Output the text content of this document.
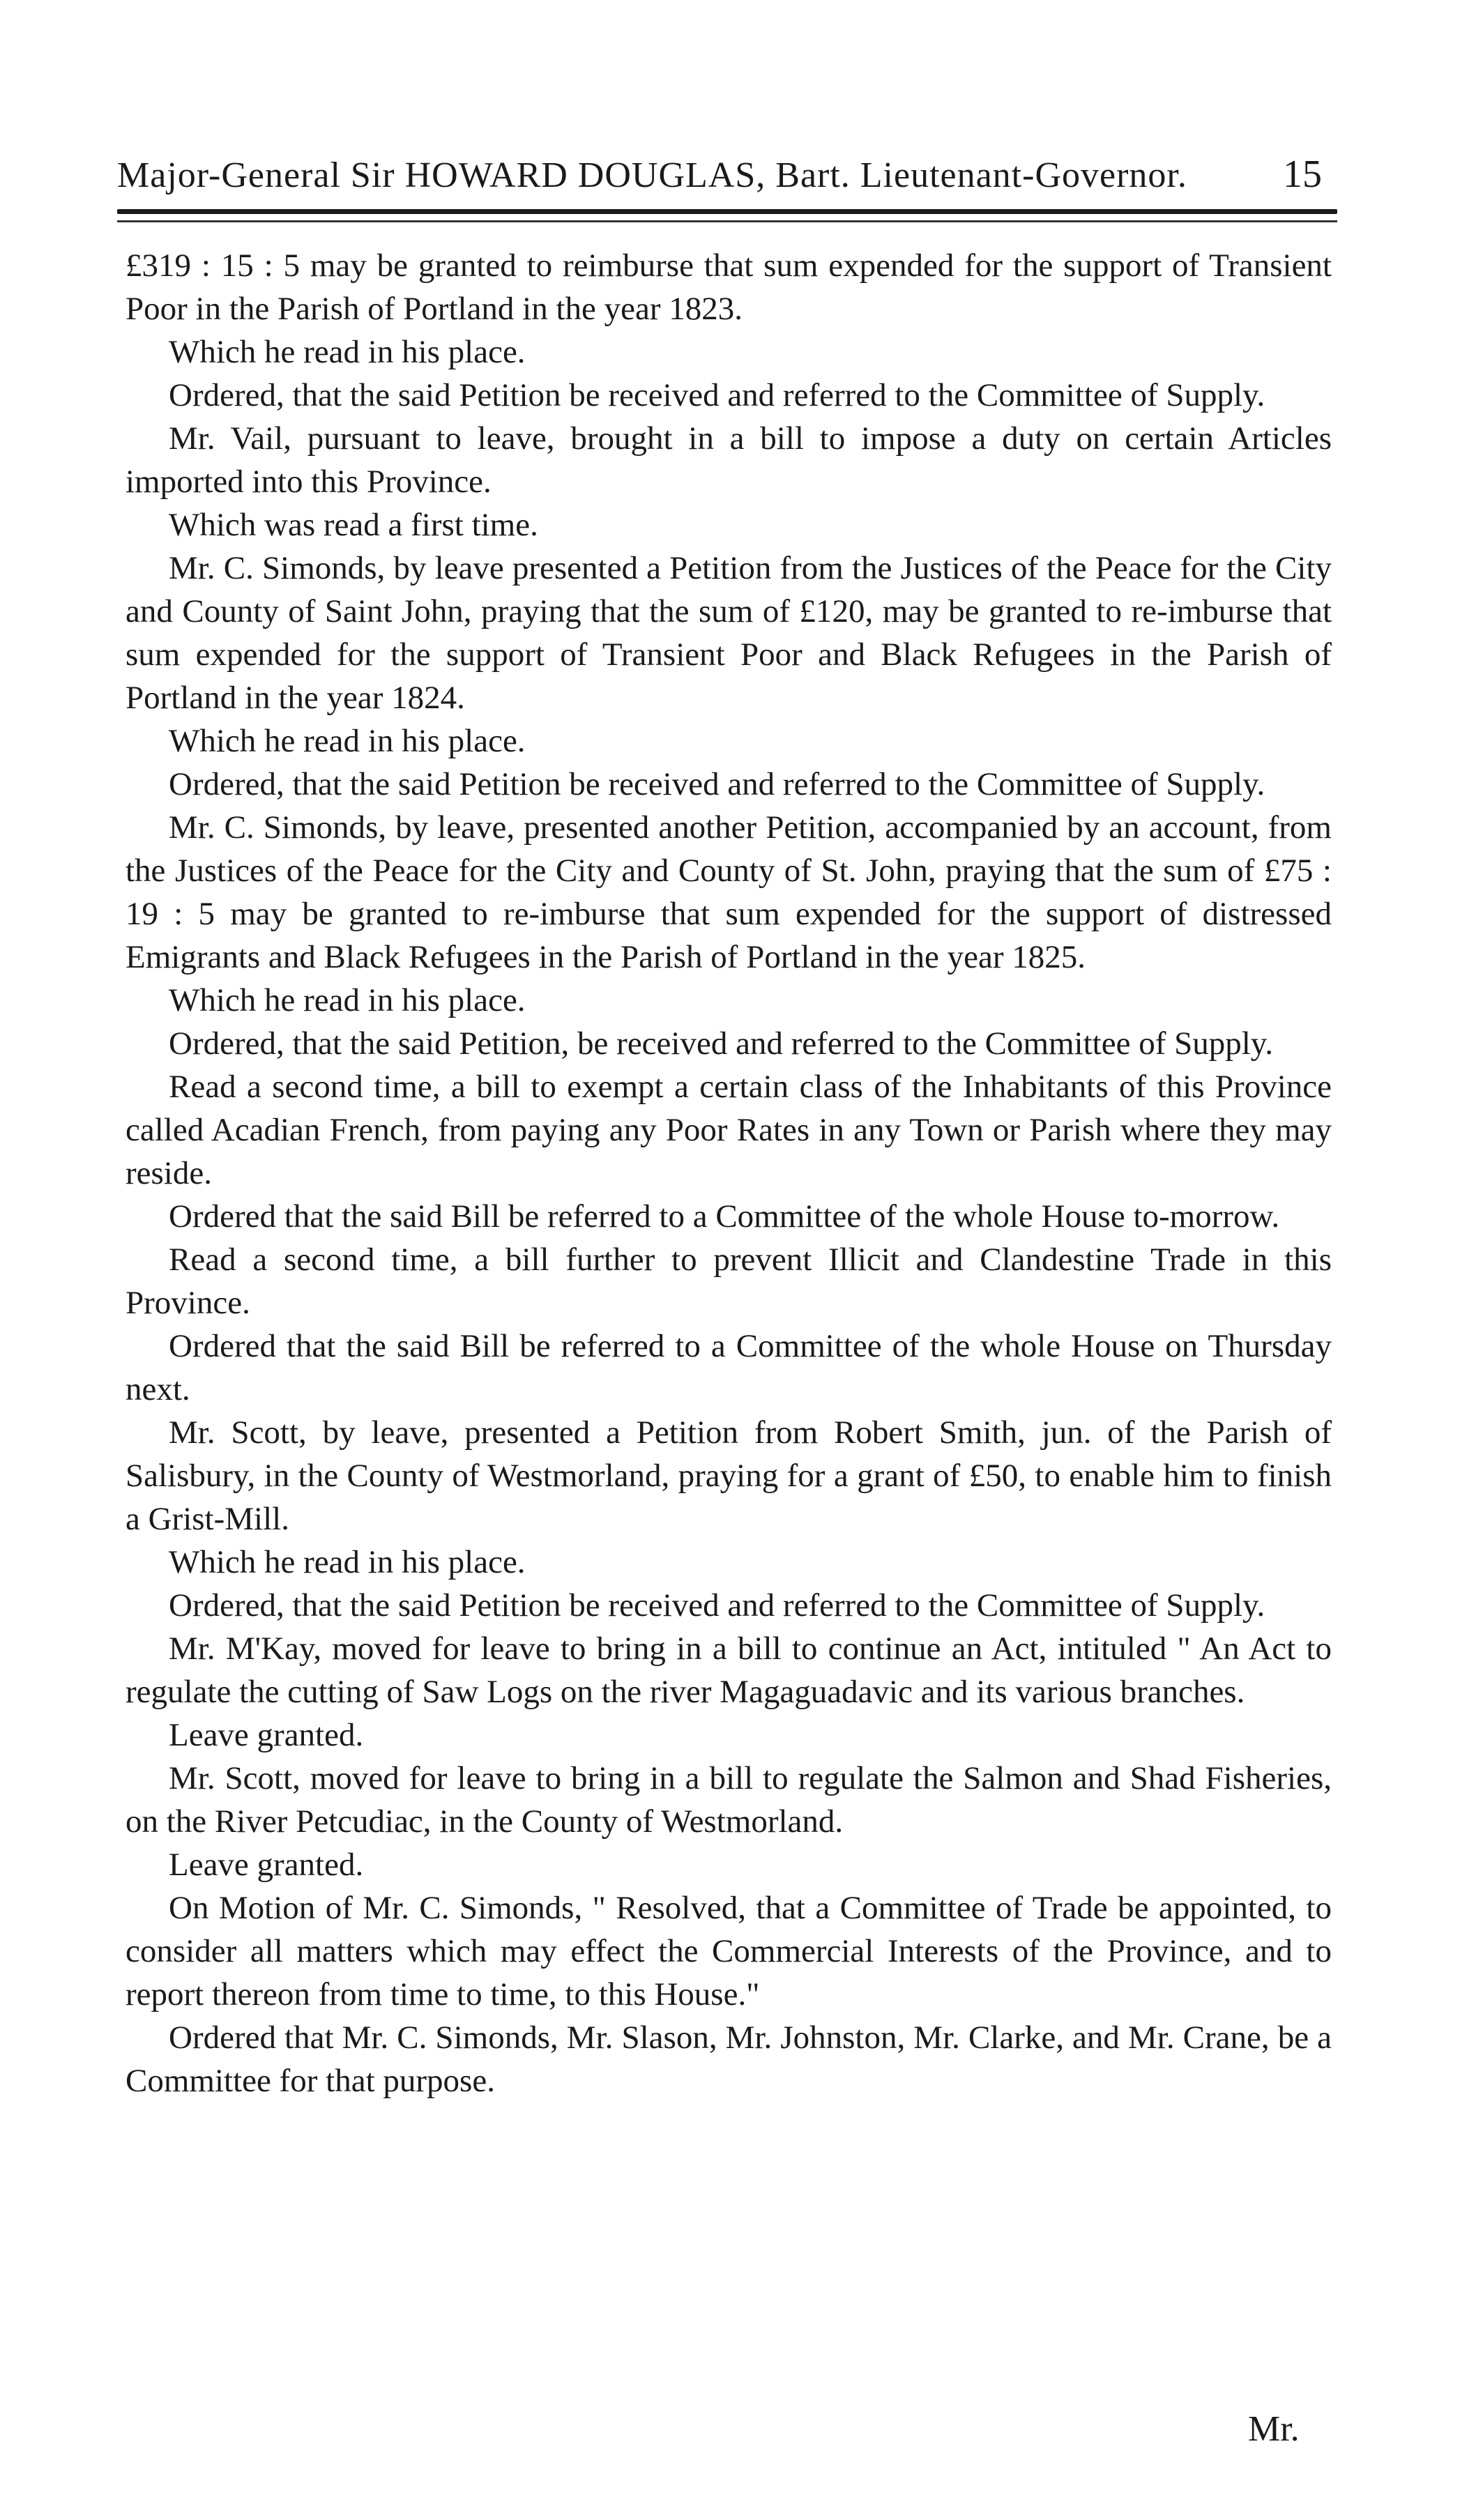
Major-General Sir HOWARD DOUGLAS, Bart. Lieutenant-Governor. 15

£319 : 15 : 5 may be granted to reimburse that sum expended for the support of Transient Poor in the Parish of Portland in the year 1823.

Which he read in his place.

Ordered, that the said Petition be received and referred to the Committee of Supply.

Mr. Vail, pursuant to leave, brought in a bill to impose a duty on certain Articles imported into this Province.

Which was read a first time.

Mr. C. Simonds, by leave presented a Petition from the Justices of the Peace for the City and County of Saint John, praying that the sum of £120, may be granted to re-imburse that sum expended for the support of Transient Poor and Black Refugees in the Parish of Portland in the year 1824.

Which he read in his place.

Ordered, that the said Petition be received and referred to the Committee of Supply.

Mr. C. Simonds, by leave, presented another Petition, accompanied by an account, from the Justices of the Peace for the City and County of St. John, praying that the sum of £75 : 19 : 5 may be granted to re-imburse that sum expended for the support of distressed Emigrants and Black Refugees in the Parish of Portland in the year 1825.

Which he read in his place.

Ordered, that the said Petition, be received and referred to the Committee of Supply.

Read a second time, a bill to exempt a certain class of the Inhabitants of this Province called Acadian French, from paying any Poor Rates in any Town or Parish where they may reside.

Ordered that the said Bill be referred to a Committee of the whole House to-morrow.

Read a second time, a bill further to prevent Illicit and Clandestine Trade in this Province.

Ordered that the said Bill be referred to a Committee of the whole House on Thursday next.

Mr. Scott, by leave, presented a Petition from Robert Smith, jun. of the Parish of Salisbury, in the County of Westmorland, praying for a grant of £50, to enable him to finish a Grist-Mill.

Which he read in his place.

Ordered, that the said Petition be received and referred to the Committee of Supply.

Mr. M'Kay, moved for leave to bring in a bill to continue an Act, intituled " An Act to regulate the cutting of Saw Logs on the river Magaguadavic and its various branches.

Leave granted.

Mr. Scott, moved for leave to bring in a bill to regulate the Salmon and Shad Fisheries, on the River Petcudiac, in the County of Westmorland.

Leave granted.

On Motion of Mr. C. Simonds, " Resolved, that a Committee of Trade be appointed, to consider all matters which may effect the Commercial Interests of the Province, and to report thereon from time to time, to this House."

Ordered that Mr. C. Simonds, Mr. Slason, Mr. Johnston, Mr. Clarke, and Mr. Crane, be a Committee for that purpose.

Mr.
